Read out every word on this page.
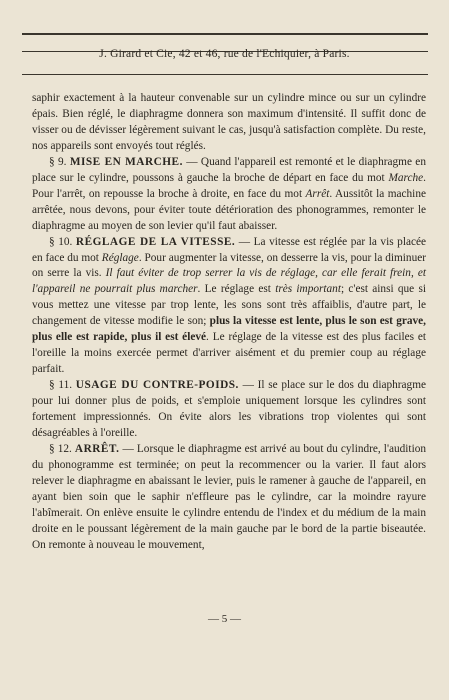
J. Girard et Cie, 42 et 46, rue de l'Echiquier, à Paris.

saphir exactement à la hauteur convenable sur un cylindre mince ou sur un cylindre épais. Bien réglé, le diaphragme donnera son maximum d'intensité. Il suffit donc de visser ou de dévisser légèrement suivant le cas, jusqu'à satisfaction complète. Du reste, nos appareils sont envoyés tout réglés.

§ 9. MISE EN MARCHE. — Quand l'appareil est remonté et le diaphragme en place sur le cylindre, poussons à gauche la broche de départ en face du mot Marche. Pour l'arrêt, on repousse la broche à droite, en face du mot Arrêt. Aussitôt la machine arrêtée, nous devons, pour éviter toute détérioration des phonogrammes, remonter le diaphragme au moyen de son levier qu'il faut abaisser.

§ 10. RÉGLAGE DE LA VITESSE. — La vitesse est réglée par la vis placée en face du mot Réglage. Pour augmenter la vitesse, on desserre la vis, pour la diminuer on serre la vis. Il faut éviter de trop serrer la vis de réglage, car elle ferait frein, et l'appareil ne pourrait plus marcher. Le réglage est très important; c'est ainsi que si vous mettez une vitesse par trop lente, les sons sont très affaiblis, d'autre part, le changement de vitesse modifie le son; plus la vitesse est lente, plus le son est grave, plus elle est rapide, plus il est élevé. Le réglage de la vitesse est des plus faciles et l'oreille la moins exercée permet d'arriver aisément et du premier coup au réglage parfait.

§ 11. USAGE DU CONTRE-POIDS. — Il se place sur le dos du diaphragme pour lui donner plus de poids, et s'emploie uniquement lorsque les cylindres sont fortement impressionnés. On évite alors les vibrations trop violentes qui sont désagréables à l'oreille.

§ 12. ARRÊT. — Lorsque le diaphragme est arrivé au bout du cylindre, l'audition du phonogramme est terminée; on peut la recommencer ou la varier. Il faut alors relever le diaphragme en abaissant le levier, puis le ramener à gauche de l'appareil, en ayant bien soin que le saphir n'effleure pas le cylindre, car la moindre rayure l'abîmerait. On enlève ensuite le cylindre entendu de l'index et du médium de la main droite en le poussant légèrement de la main gauche par le bord de la partie biseautée. On remonte à nouveau le mouvement,

— 5 —
